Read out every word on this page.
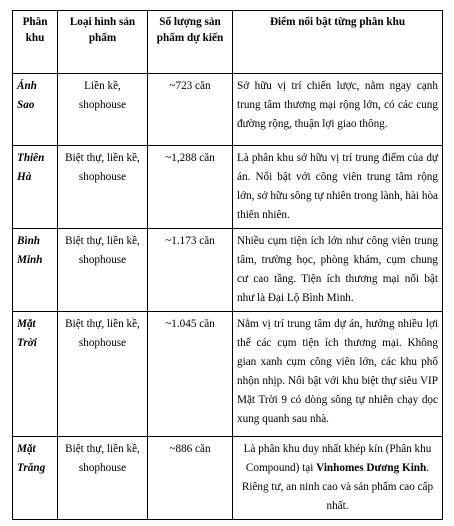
Phân khu	Loại hình sản phẩm	Số lượng sản phẩm dự kiến	Điểm nổi bật từng phân khu
Ánh Sao	Liền kề, shophouse	~723 căn	Sở hữu vị trí chiến lược, nằm ngay cạnh trung tâm thương mại rộng lớn, có các cung đường rộng, thuận lợi giao thông.
Thiên Hà	Biệt thự, liền kề, shophouse	~1,288 căn	Là phân khu sở hữu vị trí trung điểm của dự án. Nổi bật với công viên trung tâm rộng lớn, sở hữu sông tự nhiên trong lành, hài hòa thiên nhiên.
Bình Minh	Biệt thự, liền kề, shophouse	~1.173 căn	Nhiều cụm tiện ích lớn như công viên trung tâm, trường học, phòng khám, cụm chung cư cao tầng. Tiện ích thương mại nổi bật như là Đại Lộ Bình Minh.
Mặt Trời	Biệt thự, liền kề, shophouse	~1.045 căn	Nằm vị trí trung tâm dự án, hưởng nhiều lợi thế các cụm tiện ích thương mại. Không gian xanh cụm công viên lớn, các khu phố nhộn nhịp. Nổi bật với khu biệt thự siêu VIP Mặt Trời 9 có dòng sông tự nhiên chạy dọc xung quanh sau nhà.
Mặt Trăng	Biệt thự, liền kề, shophouse	~886 căn	Là phân khu duy nhất khép kín (Phân khu Compound) tại Vinhomes Dương Kinh. Riêng tư, an ninh cao và sản phẩm cao cấp nhất.
